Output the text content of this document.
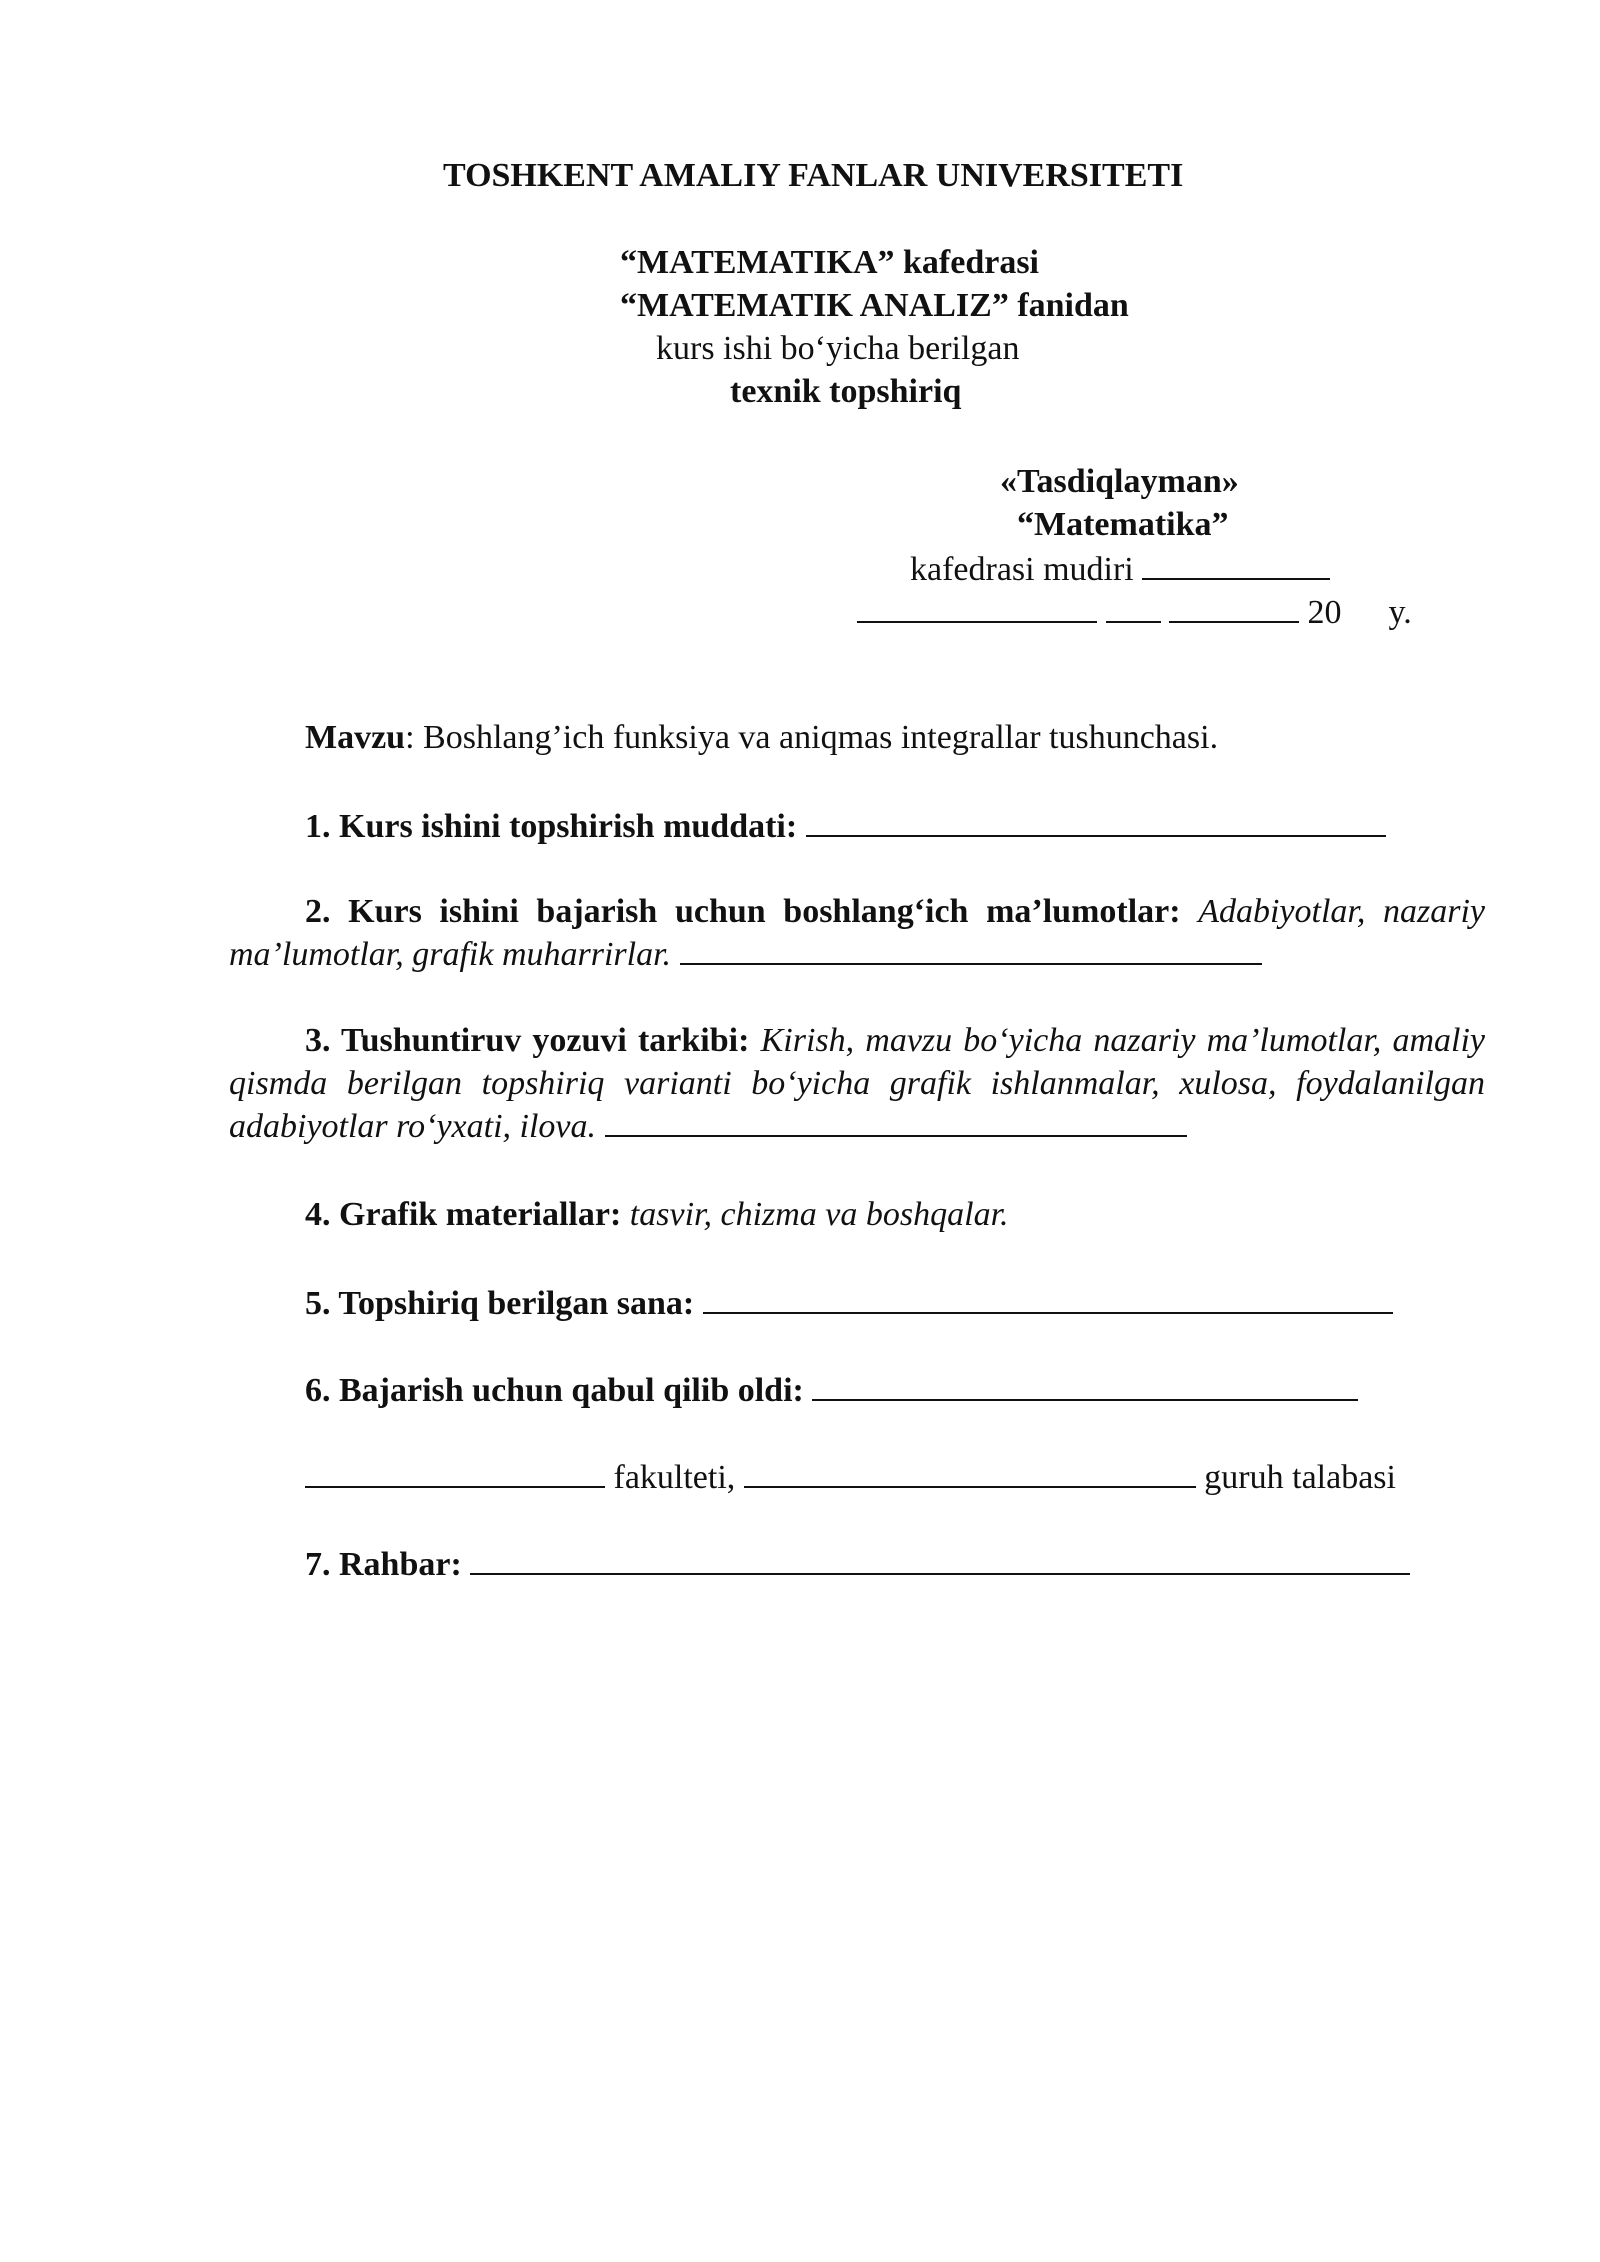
TOSHKENT AMALIY FANLAR UNIVERSITETI
“MATEMATIKA” kafedrasi
“MATEMATIK ANALIZ” fanidan
kurs ishi bo‘yicha berilgan
texnik topshiriq
«Tasdiqlayman»
“Matematika”
kafedrasi mudiri
20 y.
Mavzu: Boshlang’ich funksiya va aniqmas integrallar tushunchasi.
1. Kurs ishini topshirish muddati:
2. Kurs ishini bajarish uchun boshlang‘ich ma’lumotlar: Adabiyotlar, nazariy ma’lumotlar, grafik muharrirlar.
3. Tushuntiruv yozuvi tarkibi: Kirish, mavzu bo‘yicha nazariy ma’lumotlar, amaliy qismda berilgan topshiriq varianti bo‘yicha grafik ishlanmalar, xulosa, foydalanilgan adabiyotlar ro‘yxati, ilova.
4. Grafik materiallar: tasvir, chizma va boshqalar.
5. Topshiriq berilgan sana:
6. Bajarish uchun qabul qilib oldi:
fakulteti,	guruh talabasi
7. Rahbar:
